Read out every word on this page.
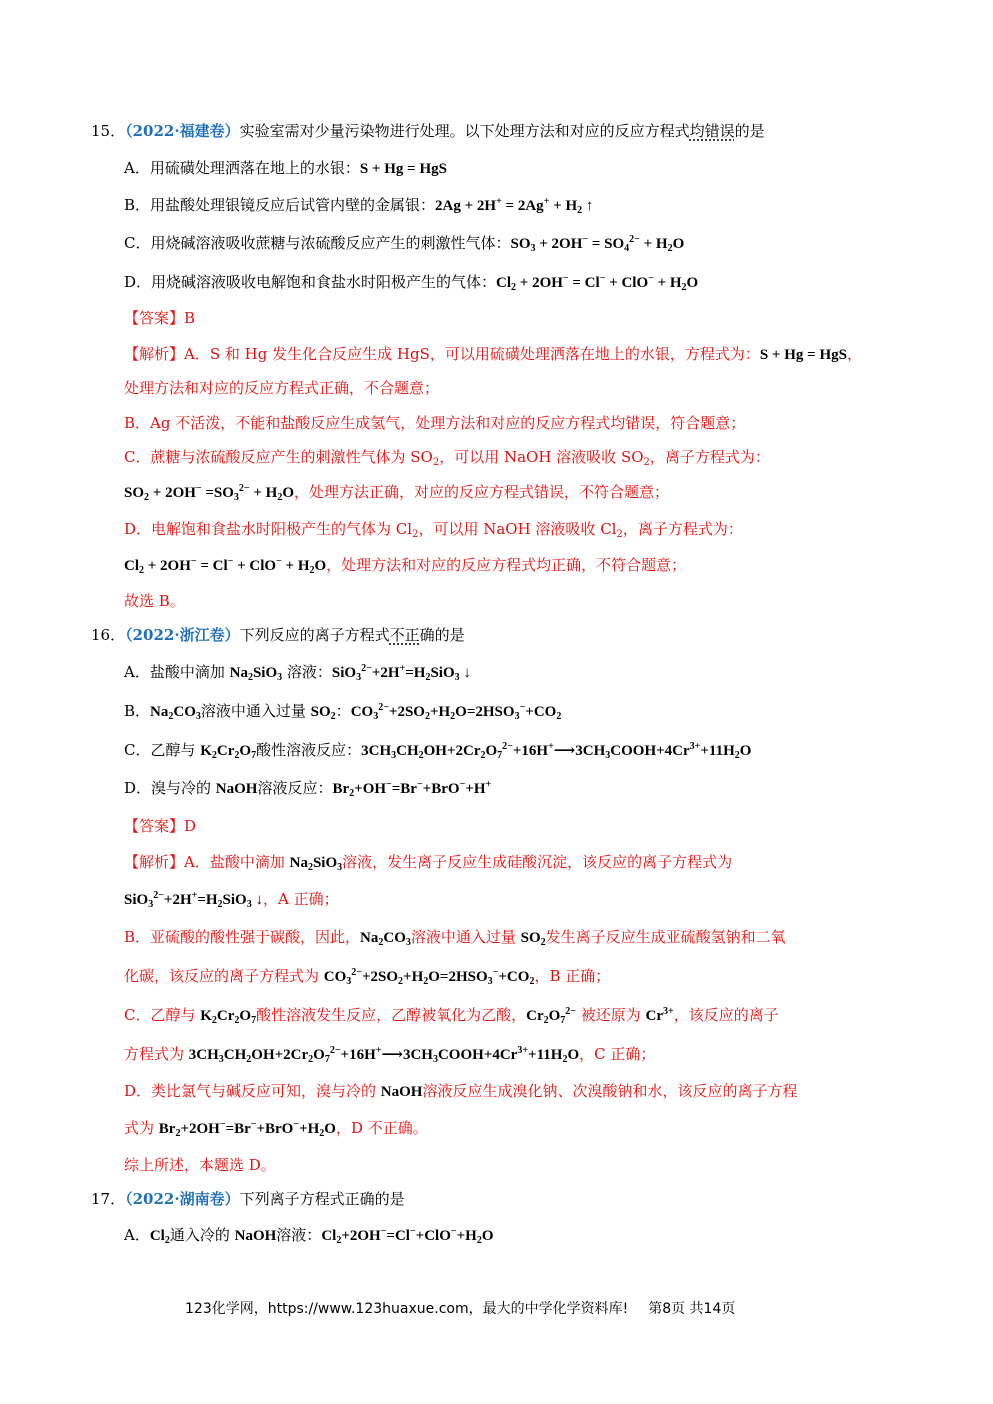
15．（2022·福建卷）实验室需对少量污染物进行处理。以下处理方法和对应的反应方程式均错误的是
A．用硫磺处理洒落在地上的水银：S + Hg = HgS
B．用盐酸处理银镜反应后试管内壁的金属银：$2Ag + 2H^+ = 2Ag^+ + H_2$ ↑
C．用烧碱溶液吸收蔗糖与浓硫酸反应产生的刺激性气体：$SO_3 + 2OH^- = SO_4^{2-} + H_2O$
D．用烧碱溶液吸收电解饱和食盐水时阳极产生的气体：$Cl_2 + 2OH^- = Cl^- + ClO^- + H_2O$
【答案】B
【解析】A．S 和 Hg 发生化合反应生成 HgS，可以用硫磺处理洒落在地上的水银，方程式为：S + Hg = HgS，
处理方法和对应的反应方程式正确，不合题意；
B．Ag 不活泼，不能和盐酸反应生成氢气，处理方法和对应的反应方程式均错误，符合题意；
C．蔗糖与浓硫酸反应产生的刺激性气体为 $SO_2$，可以用 NaOH 溶液吸收 $SO_2$，离子方程式为：
$SO_2 + 2OH^- =SO_3^{2-} + H_2O$，处理方法正确，对应的反应方程式错误，不符合题意；
D．电解饱和食盐水时阳极产生的气体为 $Cl_2$，可以用 NaOH 溶液吸收 $Cl_2$，离子方程式为：
$Cl_2 + 2OH^- = Cl^- + ClO^- + H_2O$，处理方法和对应的反应方程式均正确，不符合题意；
故选 B。
16．（2022·浙江卷）下列反应的离子方程式不正确的是
A．盐酸中滴加 $Na_2SiO_3$ 溶液：$SiO_3^{2-}+2H^+=H_2SiO_3$ ↓
B．$Na_2CO_3$溶液中通入过量 $SO_2$：$CO_3^{2-}+2SO_2+H_2O=2HSO_3^-+CO_2$
C．乙醇与 $K_2Cr_2O_7$酸性溶液反应：$3CH_3CH_2OH+2Cr_2O_7^{2-}+16H^+⟶3CH_3COOH+4Cr^{3+}+11H_2O$
D．溴与冷的 NaOH溶液反应：$Br_2+OH^-=Br^-+BrO^-+H^+$
【答案】D
【解析】A．盐酸中滴加 $Na_2SiO_3$溶液，发生离子反应生成硅酸沉淀，该反应的离子方程式为
$SiO_3^{2-}+2H^+=H_2SiO_3$ ↓，A 正确；
B．亚硫酸的酸性强于碳酸，因此，$Na_2CO_3$溶液中通入过量 $SO_2$发生离子反应生成亚硫酸氢钠和二氧
化碳，该反应的离子方程式为 $CO_3^{2-}+2SO_2+H_2O=2HSO_3^-+CO_2$，B 正确；
C．乙醇与 $K_2Cr_2O_7$酸性溶液发生反应，乙醇被氧化为乙酸，$Cr_2O_7^{2-}$ 被还原为 $Cr^{3+}$，该反应的离子
方程式为 $3CH_3CH_2OH+2Cr_2O_7^{2-}+16H^+⟶3CH_3COOH+4Cr^{3+}+11H_2O$，C 正确；
D．类比氯气与碱反应可知，溴与冷的 NaOH溶液反应生成溴化钠、次溴酸钠和水，该反应的离子方程
式为 $Br_2+2OH^-=Br^-+BrO^-+H_2O$，D 不正确。
综上所述，本题选 D。
17．（2022·湖南卷）下列离子方程式正确的是
A．$Cl_2$通入冷的 NaOH溶液：$Cl_2+2OH^-=Cl^-+ClO^-+H_2O$
123化学网，https://www.123huaxue.com，最大的中学化学资料库! 第8页 共14页
